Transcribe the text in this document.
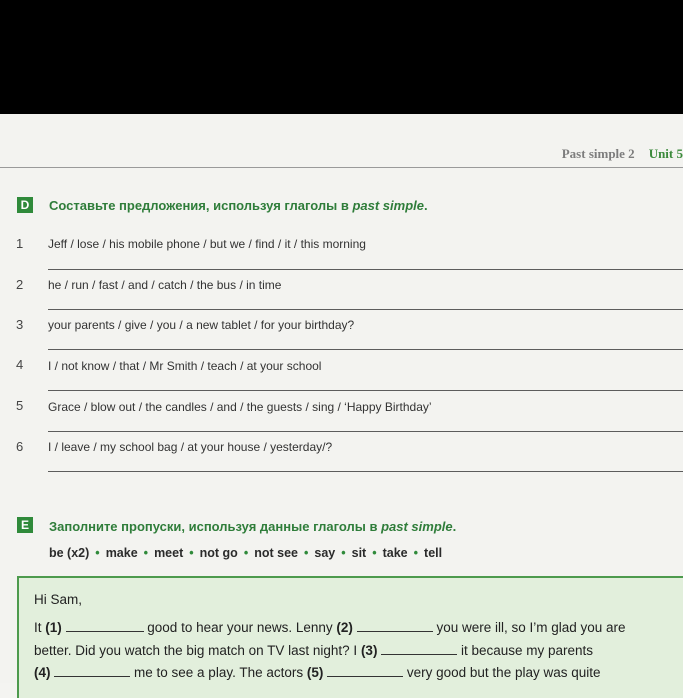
Past simple 2 Unit 5
D Составьте предложения, используя глаголы в past simple.
1 Jeff / lose / his mobile phone / but we / find / it / this morning
2 he / run / fast / and / catch / the bus / in time
3 your parents / give / you / a new tablet / for your birthday?
4 I / not know / that / Mr Smith / teach / at your school
5 Grace / blow out / the candles / and / the guests / sing / ‘Happy Birthday’
6 I / leave / my school bag / at your house / yesterday/?
E	Заполните пропуски, используя данные глаголы в past simple.
be (x2) • make • meet • not go • not see • say • sit • take • tell
Hi Sam,
It (1)	good to hear your news. Lenny (2)	you were ill, so I’m glad you are
better. Did you watch the big match on TV last night? I (3)	it because my parents
(4)	me to see a play. The actors (5)	very good but the play was quite
